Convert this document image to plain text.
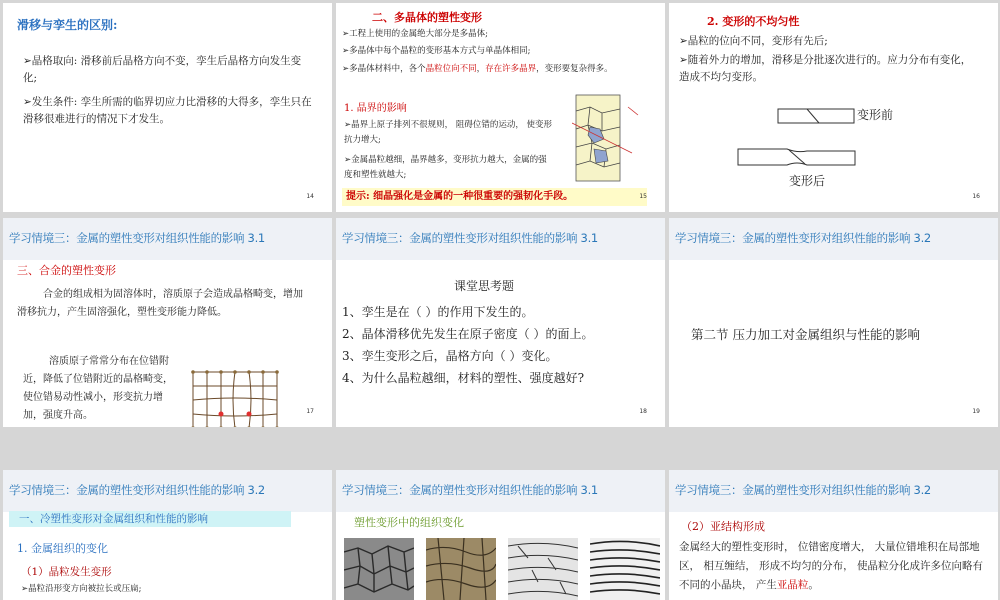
滑移与孪生的区别:
➢晶格取向: 滑移前后晶格方向不变，孪生后晶格方向发生变化;
➢发生条件: 孪生所需的临界切应力比滑移的大得多，孪生只在滑移很难进行的情况下才发生。
14
二、多晶体的塑性变形
➢工程上使用的金属绝大部分是多晶体;
➢多晶体中每个晶粒的变形基本方式与单晶体相同;
➢多晶体材料中，各个晶粒位向不同，存在许多晶界，变形要复杂得多。
1. 晶界的影响
➢晶界上原子排列不很规则， 阻碍位错的运动， 使变形抗力增大;
➢金属晶粒越细，晶界越多，变形抗力越大，金属的强度和塑性就越大;
提示: 细晶强化是金属的一种很重要的强韧化手段。	15
2. 变形的不均匀性
➢晶粒的位向不同，变形有先后;
➢随着外力的增加，滑移是分批逐次进行的。应力分布有变化，造成不均匀变形。
变形前
变形后
16
学习情境三：金属的塑性变形对组织性能的影响 3.1
三、合金的塑性变形
合金的组成相为固溶体时，溶质原子会造成晶格畸变，增加滑移抗力，产生固溶强化，塑性变形能力降低。
溶质原子常常分布在位错附近，降低了位错附近的晶格畸变，使位错易动性减小，形变抗力增加，强度升高。	17
学习情境三：金属的塑性变形对组织性能的影响 3.1
课堂思考题
1、孪生是在（ ）的作用下发生的。
2、晶体滑移优先发生在原子密度（ ）的面上。
3、孪生变形之后，晶格方向（ ）变化。
4、为什么晶粒越细，材料的塑性、强度越好?
18
学习情境三：金属的塑性变形对组织性能的影响 3.2
第二节 压力加工对金属组织与性能的影响
19
学习情境三：金属的塑性变形对组织性能的影响 3.2
一、冷塑性变形对金属组织和性能的影响
1. 金属组织的变化
（1）晶粒发生变形
➢晶粒沿形变方向被拉长或压扁;
学习情境三：金属的塑性变形对组织性能的影响 3.1
塑性变形中的组织变化
学习情境三：金属的塑性变形对组织性能的影响 3.2
（2）亚结构形成
金属经大的塑性变形时， 位错密度增大， 大量位错堆积在局部地区， 相互缠结， 形成不均匀的分布， 使晶粒分化成许多位向略有不同的小晶块， 产生亚晶粒。
